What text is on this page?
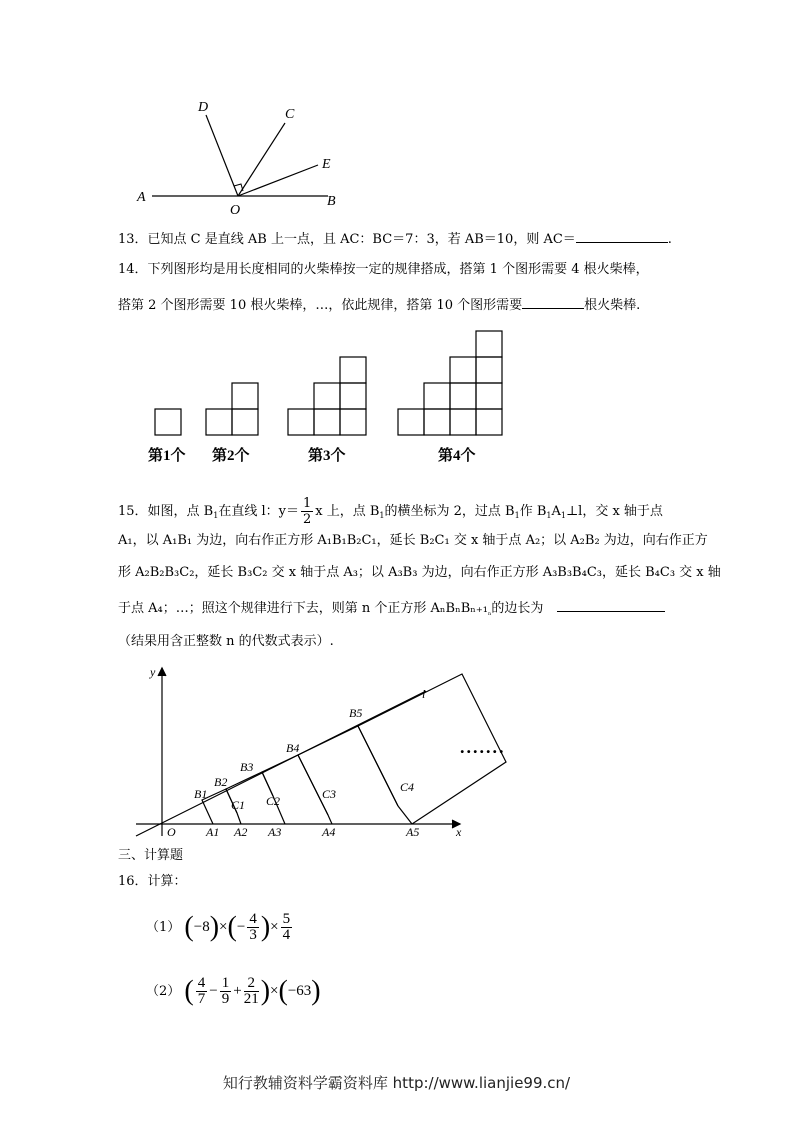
D	C
E
A
O
B
13．已知点 C 是直线 AB 上一点，且 AC：BC＝7：3，若 AB＝10，则 AC＝	.
14．下列图形均是用长度相同的火柴棒按一定的规律搭成，搭第 1 个图形需要 4 根火柴棒，
搭第 2 个图形需要 10 根火柴棒，…，依此规律，搭第 10 个图形需要	根火柴棒.
第1个 第2个	第3个	第4个
15．如图，点 $B_1$在直线 l：$y= \frac{1}{2}$ x 上，点 $B_1$的横坐标为 2，过点 $B_1$作 $B_1A_1\perp l$，交 x 轴于点
A₁，以 A₁B₁ 为边，向右作正方形 A₁B₁B₂C₁，延长 B₂C₁ 交 x 轴于点 A₂；以 A₂B₂ 为边，向右作正方
形 A₂B₂B₃C₂，延长 B₃C₂ 交 x 轴于点 A₃；以 A₃B₃ 为边，向右作正方形 A₃B₃B₄C₃，延长 B₄C₃ 交 x 轴
于点 A₄；…；照这个规律进行下去，则第 n 个正方形 $A_nB_nB_{n+1}_{_n}$的边长为
（结果用含正整数 n 的代数式表示）.
y
x
O
l
B1
B2
B3
B4
B5
A1 A2 A3	A4	A5
C1 C2	C3	C4
.......
三、计算题
16．计算：
（1） $(-8)\times(- \frac{4}{3}$ )× $\frac{5}{4}$
（2） ( $\frac{4}{7} - \frac{1}{9} + \frac{2}{21} )\times(-63)$
知行教辅资料学霸资料库 http://www.lianjie99.cn/
